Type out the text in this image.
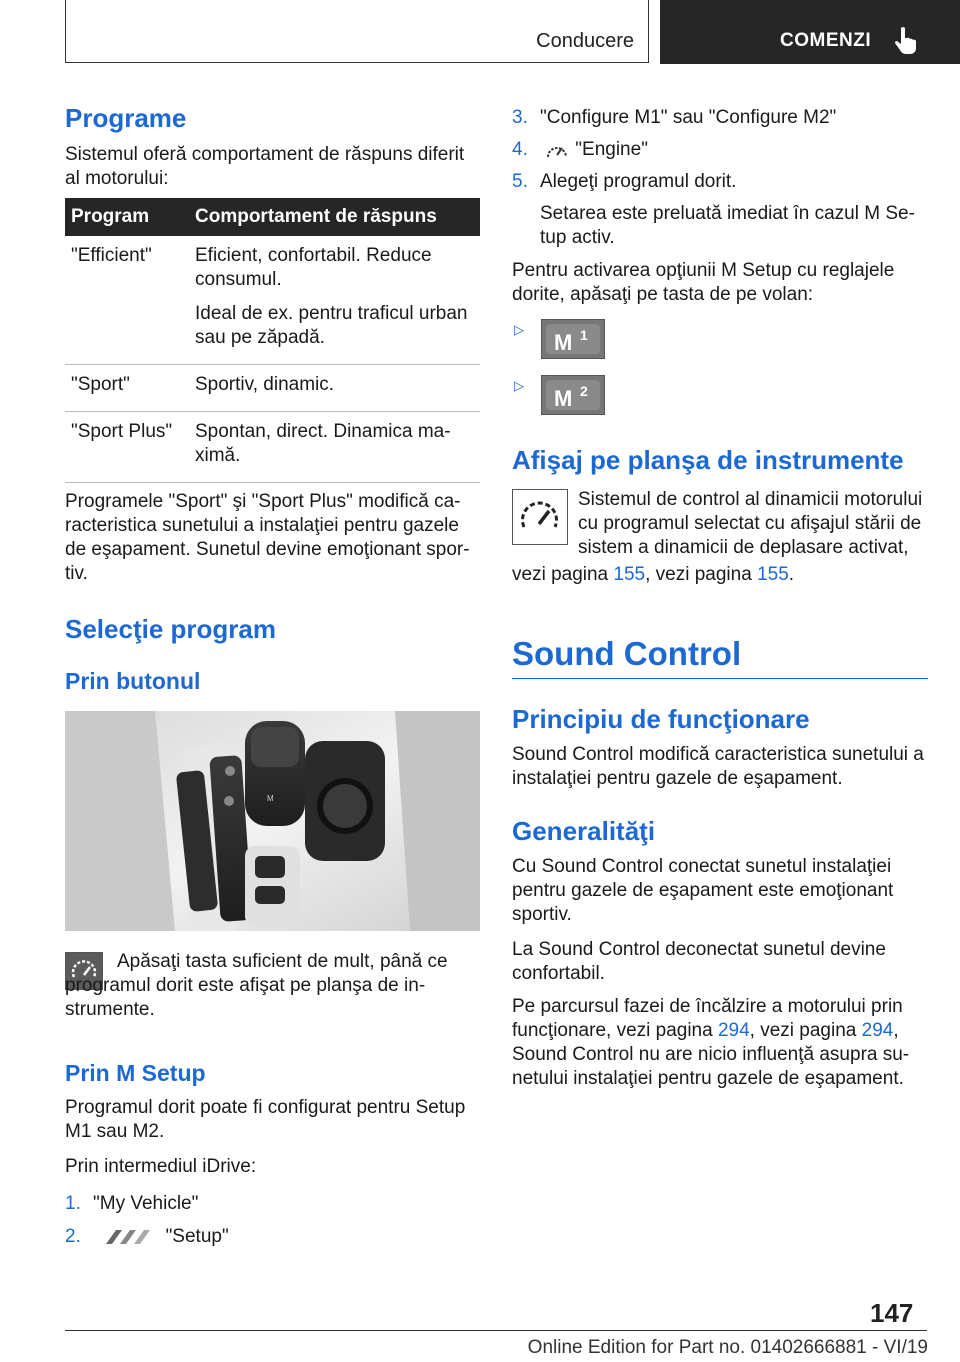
Conducere	COMENZI
Programe
Sistemul oferă comportament de răspuns diferit al motorului:
Program	Comportament de răspuns
"Efficient"	Eficient, confortabil. Reduce consumul.

Ideal de ex. pentru traficul urban sau pe zăpadă.

"Sport"	Sportiv, dinamic.

"Sport Plus"	Spontan, direct. Dinamica ma-ximă.

Programele "Sport" şi "Sport Plus" modifică ca-racteristica sunetului a instalaţiei pentru gazele de eşapament. Sunetul devine emoţionant spor-tiv.
Selecţie program
Prin butonul
M
Apăsaţi tasta suficient de mult, până ce programul dorit este afişat pe planşa de in-strumente.
Prin M Setup
Programul dorit poate fi configurat pentru Setup M1 sau M2.
Prin intermediul iDrive:
1. "My Vehicle"
2.	"Setup"
3. "Configure M1" sau "Configure M2"
4. "Engine"
5. Alegeţi programul dorit.
Setarea este preluată imediat în cazul M Se-tup activ.
Pentru activarea opţiunii M Setup cu reglajele dorite, apăsaţi pe tasta de pe volan:
▷
M 1
▷
M 2
Afişaj pe planşa de instrumente
Sistemul de control al dinamicii motorului cu programul selectat cu afişajul stării de sistem a dinamicii de deplasare activat,
vezi pagina 155, vezi pagina 155.
Sound Control
Principiu de funcţionare
Sound Control modifică caracteristica sunetului a instalaţiei pentru gazele de eşapament.
Generalităţi
Cu Sound Control conectat sunetul instalaţiei pentru gazele de eşapament este emoţionant sportiv.
La Sound Control deconectat sunetul devine confortabil.
Pe parcursul fazei de încălzire a motorului prin funcţionare, vezi pagina 294, vezi pagina 294, Sound Control nu are nicio influenţă asupra su-netului instalaţiei pentru gazele de eşapament.
147
Online Edition for Part no. 01402666881 - VI/19
